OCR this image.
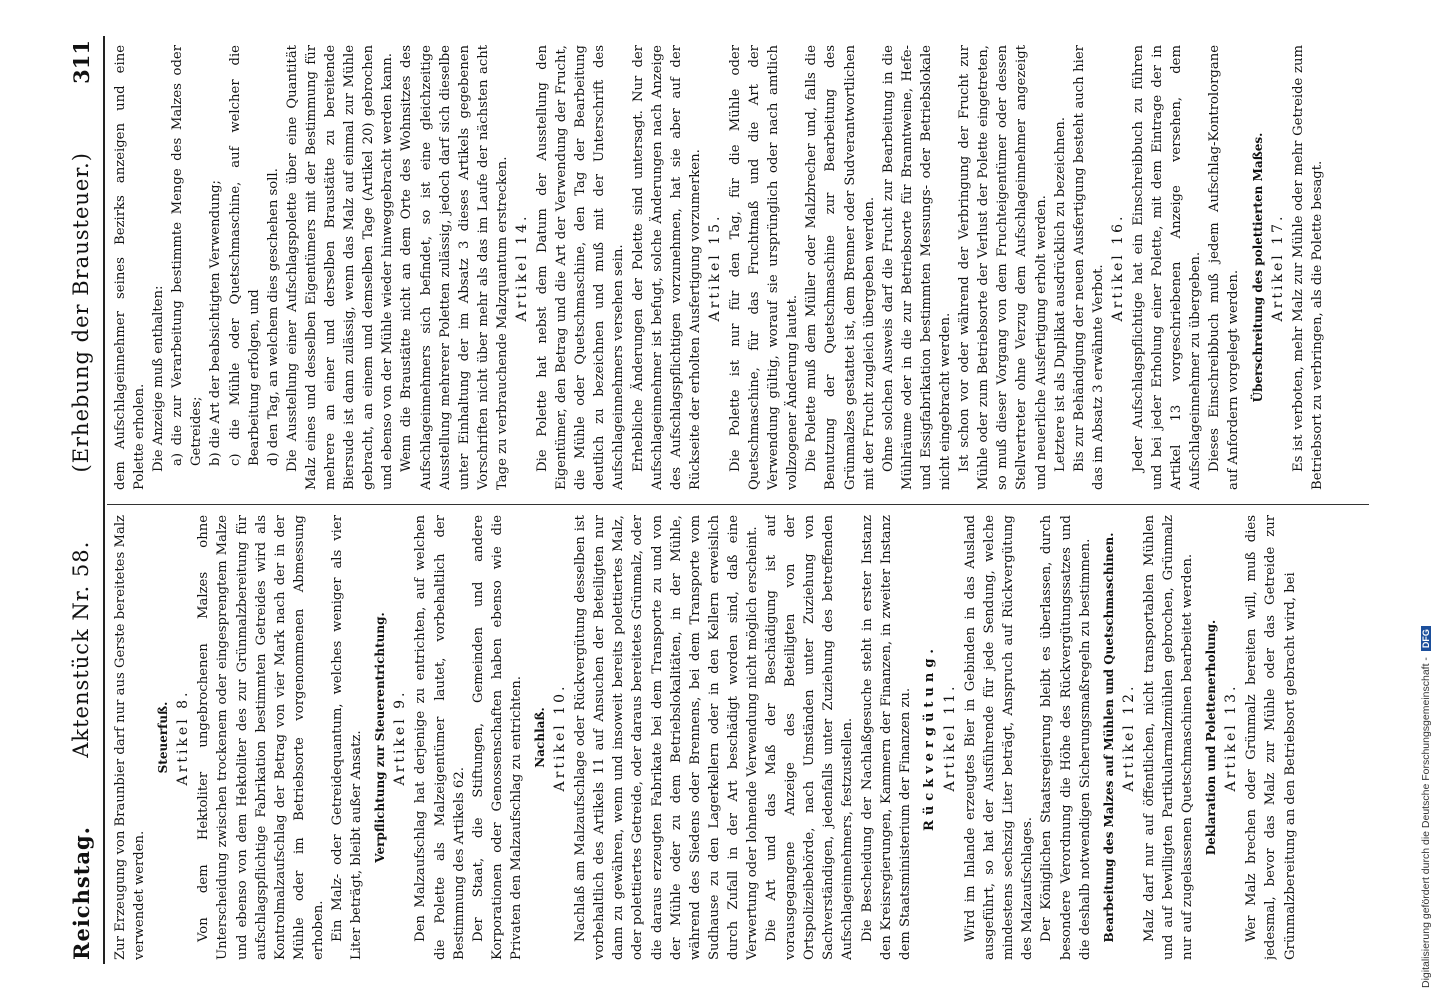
Reichstag.
Aktenstück Nr. 58.
(Erhebung der Brausteuer.)
311

Zur Erzeugung von Braunbier darf nur aus Gerste bereitetes Malz verwendet werden.

Steuerfuß. Artikel 8. Von dem Hektoliter ungebrochenen Malzes ohne Unterscheidung zwischen trockenem oder eingesprengtem Malze und ebenso von dem Hektoliter des zur Grünmalzbereitung für aufschlagspflichtige Fabrikation bestimmten Getreides wird als Kontrolmalzaufschlag der Betrag von vier Mark nach der in der Mühle oder im Betriebsorte vorgenommenen Abmessung erhoben. Ein Malz- oder Getreidequantum, welches weniger als vier Liter beträgt, bleibt außer Ansatz. Verpflichtung zur Steuerentrichtung. Artikel 9. Den Malzaufschlag hat derjenige zu entrichten, auf welchen die Polette als Malzeigentümer lautet, vorbehaltlich der Bestimmung des Artikels 62. Der Staat, die Stiftungen, Gemeinden und andere Korporationen oder Genossenschaften haben ebenso wie die Privaten den Malzaufschlag zu entrichten. Nachlaß. Artikel 10. Nachlaß am Malzaufschlage oder Rückvergütung desselben ist vorbehaltlich des Artikels 11 auf Ansuchen der Beteiligten nur dann zu gewähren, wenn und insoweit bereits polettiertes Malz, oder polettiertes Getreide, oder daraus bereitetes Grünmalz, oder die daraus erzeugten Fabrikate bei dem Transporte zu und von der Mühle oder zu dem Betriebslokalitäten, in der Mühle, während des Siedens oder Brennens, bei dem Transporte vom Sudhause zu den Lagerkellern oder in den Kellern erweislich durch Zufall in der Art beschädigt worden sind, daß eine Verwertung oder lohnende Verwendung nicht möglich erscheint. Die Art und das Maß der Beschädigung ist auf vorausgegangene Anzeige des Beteiligten von der Ortspolizeibehörde, nach Umständen unter Zuziehung von Sachverständigen, jedenfalls unter Zuziehung des betreffenden Aufschlageinnehmers, festzustellen. Die Bescheidung der Nachlaßgesuche steht in erster Instanz den Kreisregierungen, Kammern der Finanzen, in zweiter Instanz dem Staatsministerium der Finanzen zu. Rückvergütung. Artikel 11. Wird im Inlande erzeugtes Bier in Gebinden in das Ausland ausgeführt, so hat der Ausführende für jede Sendung, welche mindestens sechszig Liter beträgt, Anspruch auf Rückvergütung des Malzaufschlages. Der Königlichen Staatsregierung bleibt es überlassen, durch besondere Verordnung die Höhe des Rückvergütungssatzes und die deshalb notwendigen Sicherungsmaßregeln zu bestimmen. Bearbeitung des Malzes auf Mühlen und Quetschmaschinen. Artikel 12. Malz darf nur auf öffentlichen, nicht transportablen Mühlen und auf bewilligten Partikularmalzmühlen gebrochen, Grünmalz nur auf zugelassenen Quetschmaschinen bearbeitet werden. Deklaration und Polettenerholung. Artikel 13. Wer Malz brechen oder Grünmalz bereiten will, muß dies jedesmal, bevor das Malz zur Mühle oder das Getreide zur Grünmalzbereitung an den Betriebsort gebracht wird, bei

dem Aufschlageinnehmer seines Bezirks anzeigen und eine Polette erholen. Die Anzeige muß enthalten: a) die zur Verarbeitung bestimmte Menge des Malzes oder Getreides; b) die Art der beabsichtigten Verwendung; c) die Mühle oder Quetschmaschine, auf welcher die Bearbeitung erfolgen, und d) den Tag, an welchem dies geschehen soll. Die Ausstellung einer Aufschlagspolette über eine Quantität Malz eines und desselben Eigentümers mit der Bestimmung für mehrere an einer und derselben Braustätte zu bereitende Biersude ist dann zulässig, wenn das Malz auf einmal zur Mühle gebracht, an einem und demselben Tage (Artikel 20) gebrochen und ebenso von der Mühle wieder hinweggebracht werden kann. Wenn die Braustätte nicht an dem Orte des Wohnsitzes des Aufschlageinnehmers sich befindet, so ist eine gleichzeitige Ausstellung mehrerer Poletten zulässig, jedoch darf sich dieselbe unter Einhaltung der im Absatz 3 dieses Artikels gegebenen Vorschriften nicht über mehr als das im Laufe der nächsten acht Tage zu verbrauchende Malzquantum erstrecken. Artikel 14. Die Polette hat nebst dem Datum der Ausstellung den Eigentümer, den Betrag und die Art der Verwendung der Frucht, die Mühle oder Quetschmaschine, den Tag der Bearbeitung deutlich zu bezeichnen und muß mit der Unterschrift des Aufschlageinnehmers versehen sein. Erhebliche Änderungen der Polette sind untersagt. Nur der Aufschlageinnehmer ist befugt, solche Änderungen nach Anzeige des Aufschlagspflichtigen vorzunehmen, hat sie aber auf der Rückseite der erholten Ausfertigung vorzumerken. Artikel 15. Die Polette ist nur für den Tag, für die Mühle oder Quetschmaschine, für das Fruchtmaß und die Art der Verwendung gültig, worauf sie ursprünglich oder nach amtlich vollzogener Änderung lautet. Die Polette muß dem Müller oder Malzbrecher und, falls die Benutzung der Quetschmaschine zur Bearbeitung des Grünmalzes gestattet ist, dem Brenner oder Sudverantwortlichen mit der Frucht zugleich übergeben werden. Ohne solchen Ausweis darf die Frucht zur Bearbeitung in die Mühlräume oder in die zur Betriebsorte für Branntweine, Hefe- und Essigfabrikation bestimmten Messungs- oder Betriebslokale nicht eingebracht werden. Ist schon vor oder während der Verbringung der Frucht zur Mühle oder zum Betriebsorte der Verlust der Polette eingetreten, so muß dieser Vorgang von dem Fruchteigentümer oder dessen Stellvertreter ohne Verzug dem Aufschlageinnehmer angezeigt und neuerliche Ausfertigung erholt werden. Letztere ist als Duplikat ausdrücklich zu bezeichnen. Bis zur Behändigung der neuen Ausfertigung besteht auch hier das im Absatz 3 erwähnte Verbot. Artikel 16. Jeder Aufschlagspflichtige hat ein Einschreibbuch zu führen und bei jeder Erholung einer Polette, mit dem Eintrage der in Artikel 13 vorgeschriebenen Anzeige versehen, dem Aufschlageinnehmer zu übergeben. Dieses Einschreibbuch muß jedem Aufschlag-Kontrolorgane auf Anfordern vorgelegt werden. Überschreitung des polettierten Maßes. Artikel 17. Es ist verboten, mehr Malz zur Mühle oder mehr Getreide zum Betriebsort zu verbringen, als die Polette besagt.

Digitalisierung gefördert durch die Deutsche Forschungsgemeinschaft -DFG
